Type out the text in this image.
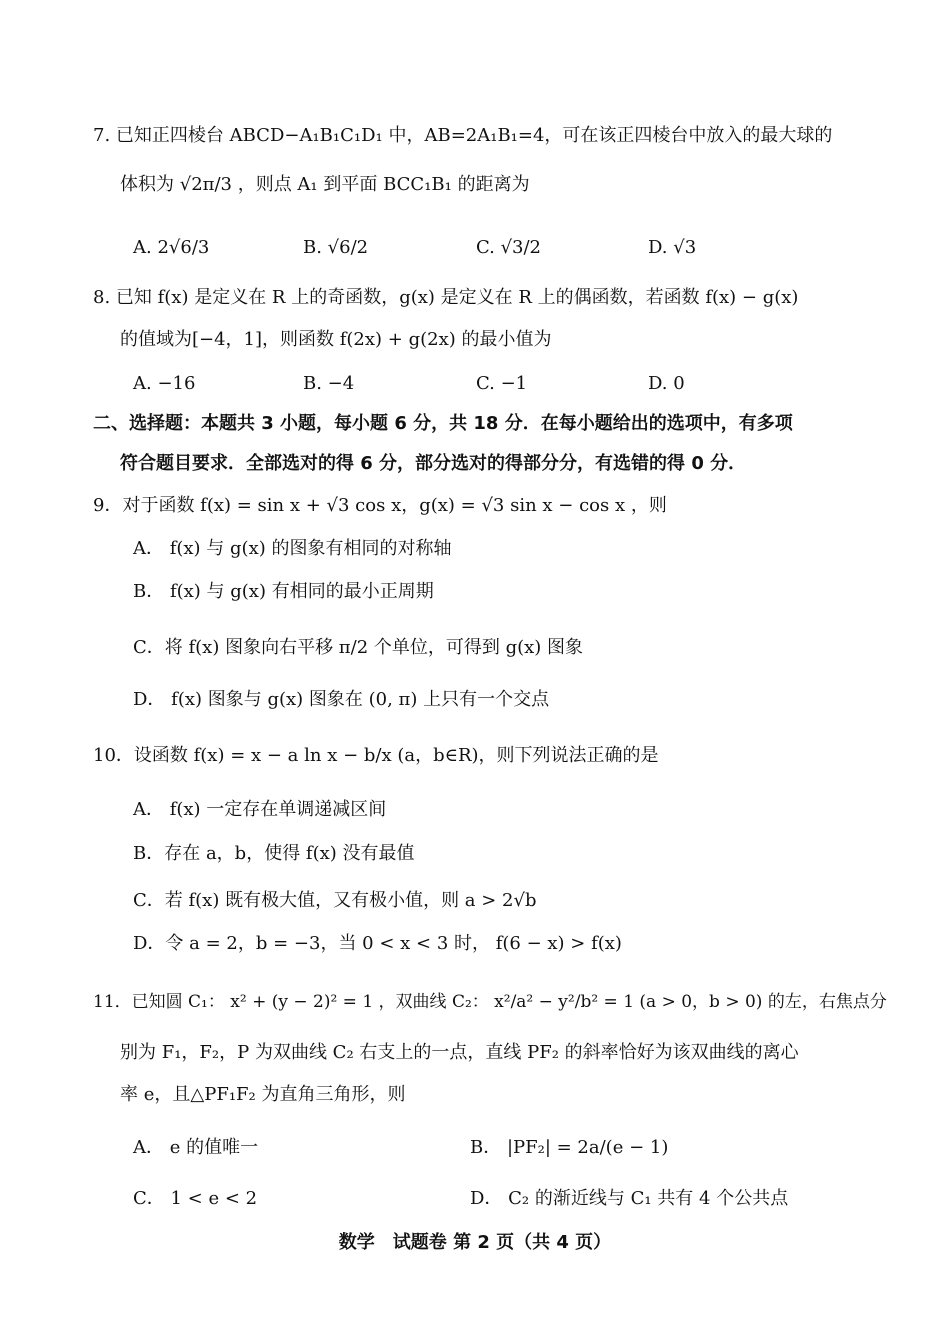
7. 已知正四棱台 ABCD−A₁B₁C₁D₁ 中，AB=2A₁B₁=4，可在该正四棱台中放入的最大球的
体积为 √2π/3 ，则点 A₁ 到平面 BCC₁B₁ 的距离为
A. 2√6/3	B. √6/2	C. √3/2	D. √3
8. 已知 f(x) 是定义在 R 上的奇函数，g(x) 是定义在 R 上的偶函数，若函数 f(x) − g(x)
的值域为[−4，1]，则函数 f(2x) + g(2x) 的最小值为
A. −16	B. −4	C. −1	D. 0
二、选择题：本题共 3 小题，每小题 6 分，共 18 分．在每小题给出的选项中，有多项
符合题目要求．全部选对的得 6 分，部分选对的得部分分，有选错的得 0 分．
9．对于函数 f(x) = sin x + √3 cos x，g(x) = √3 sin x − cos x ，则
A． f(x) 与 g(x) 的图象有相同的对称轴
B． f(x) 与 g(x) 有相同的最小正周期
C．将 f(x) 图象向右平移 π/2 个单位，可得到 g(x) 图象
D． f(x) 图象与 g(x) 图象在 (0, π) 上只有一个交点
10．设函数 f(x) = x − a ln x − b/x (a，b∈R)，则下列说法正确的是
A． f(x) 一定存在单调递减区间
B．存在 a，b，使得 f(x) 没有最值
C．若 f(x) 既有极大值，又有极小值，则 a > 2√b
D．令 a = 2，b = −3，当 0 < x < 3 时， f(6 − x) > f(x)
11．已知圆 C₁： x² + (y − 2)² = 1 ，双曲线 C₂： x²/a² − y²/b² = 1 (a > 0，b > 0) 的左，右焦点分
别为 F₁，F₂，P 为双曲线 C₂ 右支上的一点，直线 PF₂ 的斜率恰好为该双曲线的离心
率 e，且△PF₁F₂ 为直角三角形，则
A． e 的值唯一	B． |PF₂| = 2a/(e − 1)
C． 1 < e < 2	D． C₂ 的渐近线与 C₁ 共有 4 个公共点
数学　试题卷 第 2 页（共 4 页）
